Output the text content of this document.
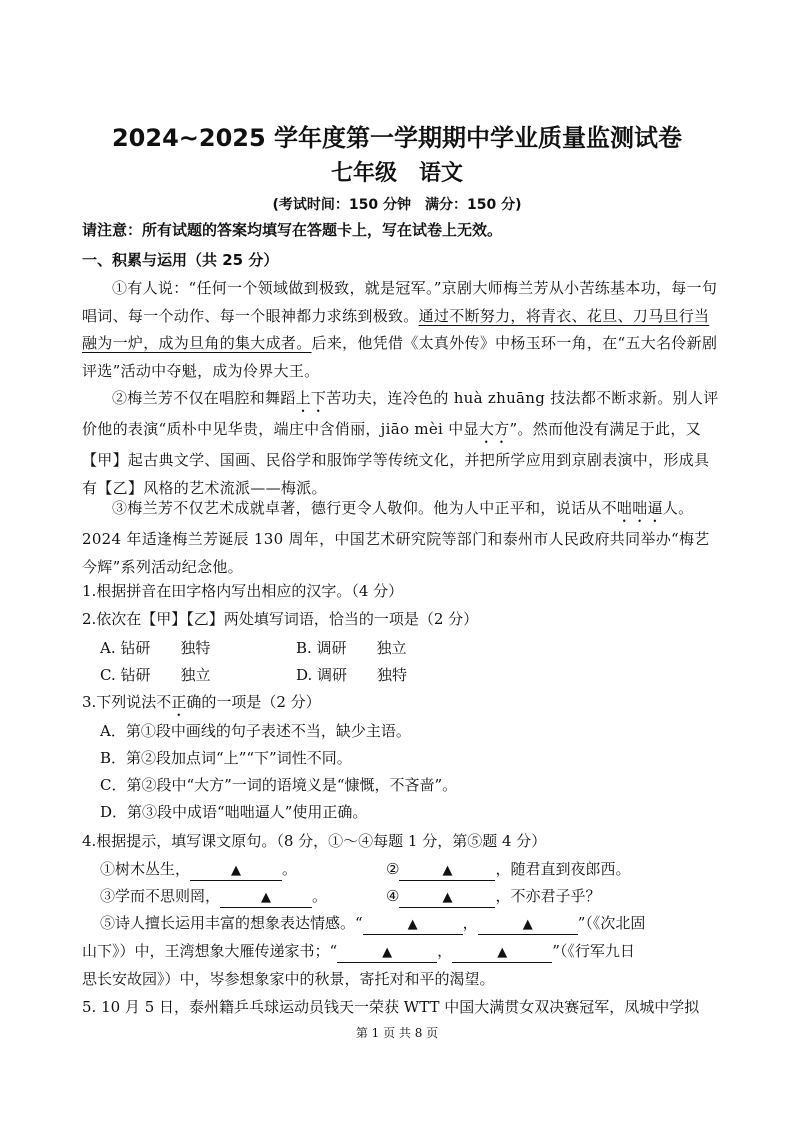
2024~2025 学年度第一学期期中学业质量监测试卷
七年级　语文
(考试时间：150 分钟　满分：150 分)
请注意：所有试题的答案均填写在答题卡上，写在试卷上无效。
一、积累与运用（共 25 分）
①有人说：“任何一个领域做到极致，就是冠军。”京剧大师梅兰芳从小苦练基本功，每一句唱词、每一个动作、每一个眼神都力求练到极致。通过不断努力，将青衣、花旦、刀马旦行当融为一炉，成为旦角的集大成者。后来，他凭借《太真外传》中杨玉环一角，在“五大名伶新剧评选”活动中夺魁，成为伶界大王。
②梅兰芳不仅在唱腔和舞蹈上下苦功夫，连冷色的 huà zhuāng 技法都不断求新。别人评价他的表演“质朴中见华贵，端庄中含俏丽，jiāo mèi 中显大方”。然而他没有满足于此，又【甲】起古典文学、国画、民俗学和服饰学等传统文化，并把所学应用到京剧表演中，形成具有【乙】风格的艺术流派——梅派。
③梅兰芳不仅艺术成就卓著，德行更令人敬仰。他为人中正平和，说话从不咄咄逼人。2024 年适逢梅兰芳诞辰 130 周年，中国艺术研究院等部门和泰州市人民政府共同举办“梅艺今辉”系列活动纪念他。
1.根据拼音在田字格内写出相应的汉字。（4 分）
2.依次在【甲】【乙】两处填写词语，恰当的一项是（2 分）
A. 钻研　　独特	B. 调研　　独立
C. 钻研　　独立	D. 调研　　独特
3.下列说法不正确的一项是（2 分）
A．第①段中画线的句子表述不当，缺少主语。
B．第②段加点词“上”“下”词性不同。
C．第②段中“大方”一词的语境义是“慷慨，不吝啬”。
D．第③段中成语“咄咄逼人”使用正确。
4.根据提示，填写课文原句。（8 分，①～④每题 1 分，第⑤题 4 分）
①树木丛生，	▲	。	②	▲	，随君直到夜郎西。
③学而不思则罔，	▲	。	④	▲	，不亦君子乎？
⑤诗人擅长运用丰富的想象表达情感。“	▲	，	▲	”（《次北固
山下》）中，王湾想象大雁传递家书；“	▲	，	▲	”（《行军九日
思长安故园》）中，岑参想象家中的秋景，寄托对和平的渴望。
5. 10 月 5 日，泰州籍乒乓球运动员钱天一荣获 WTT 中国大满贯女双决赛冠军，凤城中学拟
第 1 页 共 8 页
